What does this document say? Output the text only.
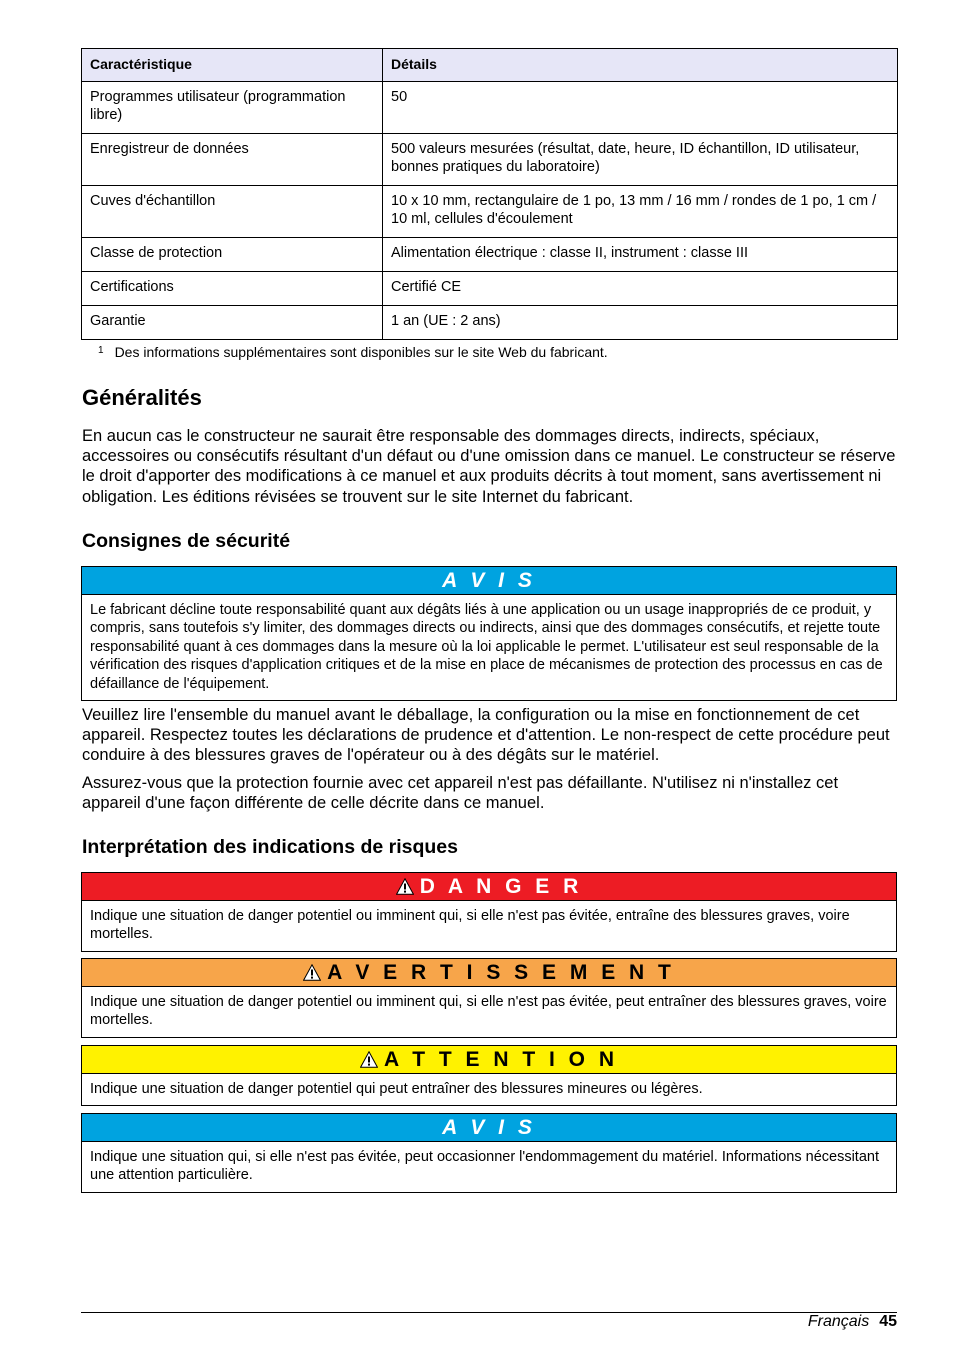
Caractéristique	Détails
Programmes utilisateur (programmation libre)	50
Enregistreur de données	500 valeurs mesurées (résultat, date, heure, ID échantillon, ID utilisateur, bonnes pratiques du laboratoire)
Cuves d'échantillon	10 x 10 mm, rectangulaire de 1 po, 13 mm / 16 mm / rondes de 1 po, 1 cm / 10 ml, cellules d'écoulement
Classe de protection	Alimentation électrique : classe II, instrument : classe III
Certifications	Certifié CE
Garantie	1 an (UE : 2 ans)
$^1$ Des informations supplémentaires sont disponibles sur le site Web du fabricant.
Généralités

En aucun cas le constructeur ne saurait être responsable des dommages directs, indirects, spéciaux, accessoires ou consécutifs résultant d'un défaut ou d'une omission dans ce manuel. Le constructeur se réserve le droit d'apporter des modifications à ce manuel et aux produits décrits à tout moment, sans avertissement ni obligation. Les éditions révisées se trouvent sur le site Internet du fabricant.

Consignes de sécurité
A V I S
Le fabricant décline toute responsabilité quant aux dégâts liés à une application ou un usage inappropriés de ce produit, y compris, sans toutefois s'y limiter, des dommages directs ou indirects, ainsi que des dommages consécutifs, et rejette toute responsabilité quant à ces dommages dans la mesure où la loi applicable le permet. L'utilisateur est seul responsable de la vérification des risques d'application critiques et de la mise en place de mécanismes de protection des processus en cas de défaillance de l'équipement.

Veuillez lire l'ensemble du manuel avant le déballage, la configuration ou la mise en fonctionnement de cet appareil. Respectez toutes les déclarations de prudence et d'attention. Le non-respect de cette procédure peut conduire à des blessures graves de l'opérateur ou à des dégâts sur le matériel.

Assurez-vous que la protection fournie avec cet appareil n'est pas défaillante. N'utilisez ni n'installez cet appareil d'une façon différente de celle décrite dans ce manuel.

Interprétation des indications de risques
D A N G E R
Indique une situation de danger potentiel ou imminent qui, si elle n'est pas évitée, entraîne des blessures graves, voire mortelles.
A V E R T I S S E M E N T
Indique une situation de danger potentiel ou imminent qui, si elle n'est pas évitée, peut entraîner des blessures graves, voire mortelles.
A T T E N T I O N
Indique une situation de danger potentiel qui peut entraîner des blessures mineures ou légères.
A V I S
Indique une situation qui, si elle n'est pas évitée, peut occasionner l'endommagement du matériel. Informations nécessitant une attention particulière.
Français 45
